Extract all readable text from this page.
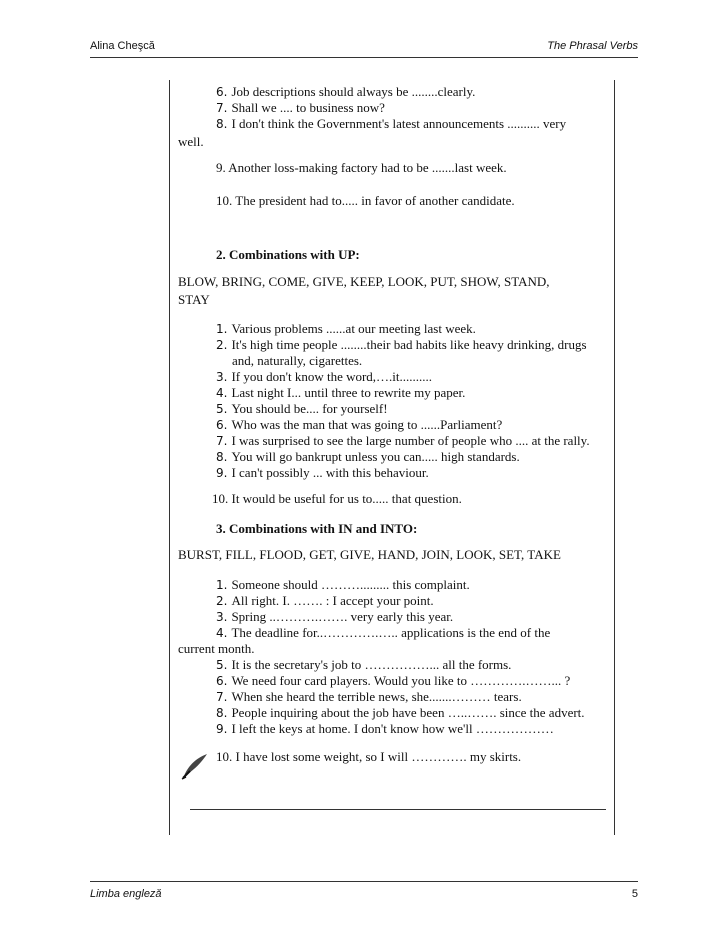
Alina Cheşcă	The Phrasal Verbs
6. Job descriptions should always be ........clearly.
7. Shall we .... to business now?
8. I don't think the Government's latest announcements .......... very
well.
9. Another loss-making factory had to be .......last week.
10. The president had to..... in favor of another candidate.
2. Combinations with UP:
BLOW, BRING, COME, GIVE, KEEP, LOOK, PUT, SHOW, STAND,
STAY
1. Various problems ......at our meeting last week.
2. It's high time people ........their bad habits like heavy drinking, drugs
and, naturally, cigarettes.
3. If you don't know the word,….it..........
4. Last night I... until three to rewrite my paper.
5. You should be.... for yourself!
6. Who was the man that was going to ......Parliament?
7. I was surprised to see the large number of people who .... at the rally.
8. You will go bankrupt unless you can..... high standards.
9. I can't possibly ... with this behaviour.
10. It would be useful for us to..... that question.
3. Combinations with IN and INTO:
BURST, FILL, FLOOD, GET, GIVE, HAND, JOIN, LOOK, SET, TAKE
1. Someone should ………......... this complaint.
2. All right. I. ……. : I accept your point.
3. Spring ..……….……. very early this year.
4. The deadline for..………….….. applications is the end of the
current month.
5. It is the secretary's job to ……………... all the forms.
6. We need four card players. Would you like to ………….……... ?
7. When she heard the terrible news, she.......……… tears.
8. People inquiring about the job have been …..……. since the advert.
9. I left the keys at home. I don't know how we'll ………………
10. I have lost some weight, so I will …………. my skirts.
Limba engleză	5
